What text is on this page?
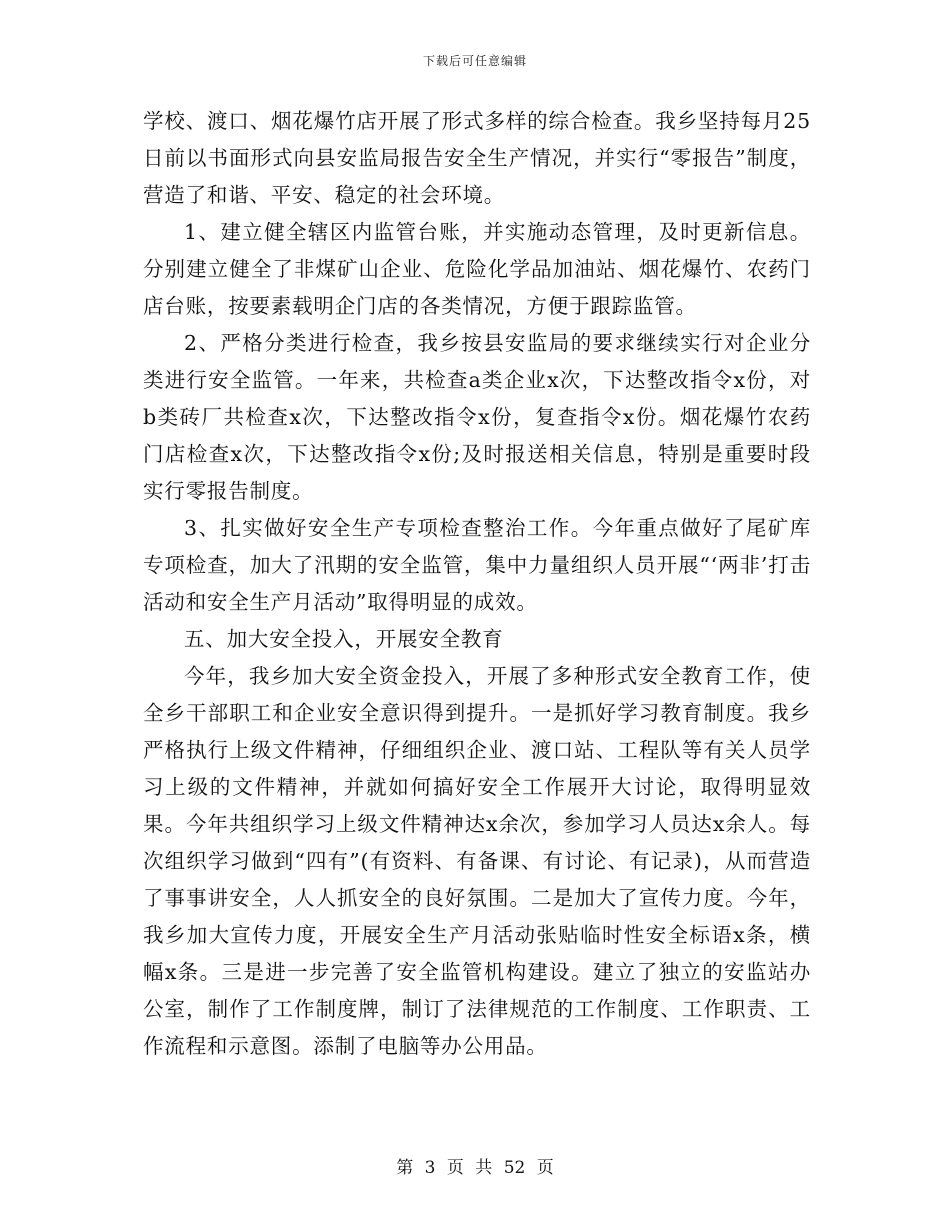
下载后可任意编辑

学校、渡口、烟花爆竹店开展了形式多样的综合检查。我乡坚持每月25日前以书面形式向县安监局报告安全生产情况，并实行“零报告”制度，营造了和谐、平安、稳定的社会环境。

1、建立健全辖区内监管台账，并实施动态管理，及时更新信息。分别建立健全了非煤矿山企业、危险化学品加油站、烟花爆竹、农药门店台账，按要素载明企门店的各类情况，方便于跟踪监管。

2、严格分类进行检查，我乡按县安监局的要求继续实行对企业分类进行安全监管。一年来，共检查a类企业x次，下达整改指令x份，对b类砖厂共检查x次，下达整改指令x份，复查指令x份。烟花爆竹农药门店检查x次，下达整改指令x份;及时报送相关信息，特别是重要时段实行零报告制度。

3、扎实做好安全生产专项检查整治工作。今年重点做好了尾矿库专项检查，加大了汛期的安全监管，集中力量组织人员开展“‘两非’打击活动和安全生产月活动”取得明显的成效。

五、加大安全投入，开展安全教育

今年，我乡加大安全资金投入，开展了多种形式安全教育工作，使全乡干部职工和企业安全意识得到提升。一是抓好学习教育制度。我乡严格执行上级文件精神，仔细组织企业、渡口站、工程队等有关人员学习上级的文件精神，并就如何搞好安全工作展开大讨论，取得明显效果。今年共组织学习上级文件精神达x余次，参加学习人员达x余人。每次组织学习做到“四有”(有资料、有备课、有讨论、有记录)，从而营造了事事讲安全，人人抓安全的良好氛围。二是加大了宣传力度。今年，我乡加大宣传力度，开展安全生产月活动张贴临时性安全标语x条，横幅x条。三是进一步完善了安全监管机构建设。建立了独立的安监站办公室，制作了工作制度牌，制订了法律规范的工作制度、工作职责、工作流程和示意图。添制了电脑等办公用品。

第 3 页 共 52 页
